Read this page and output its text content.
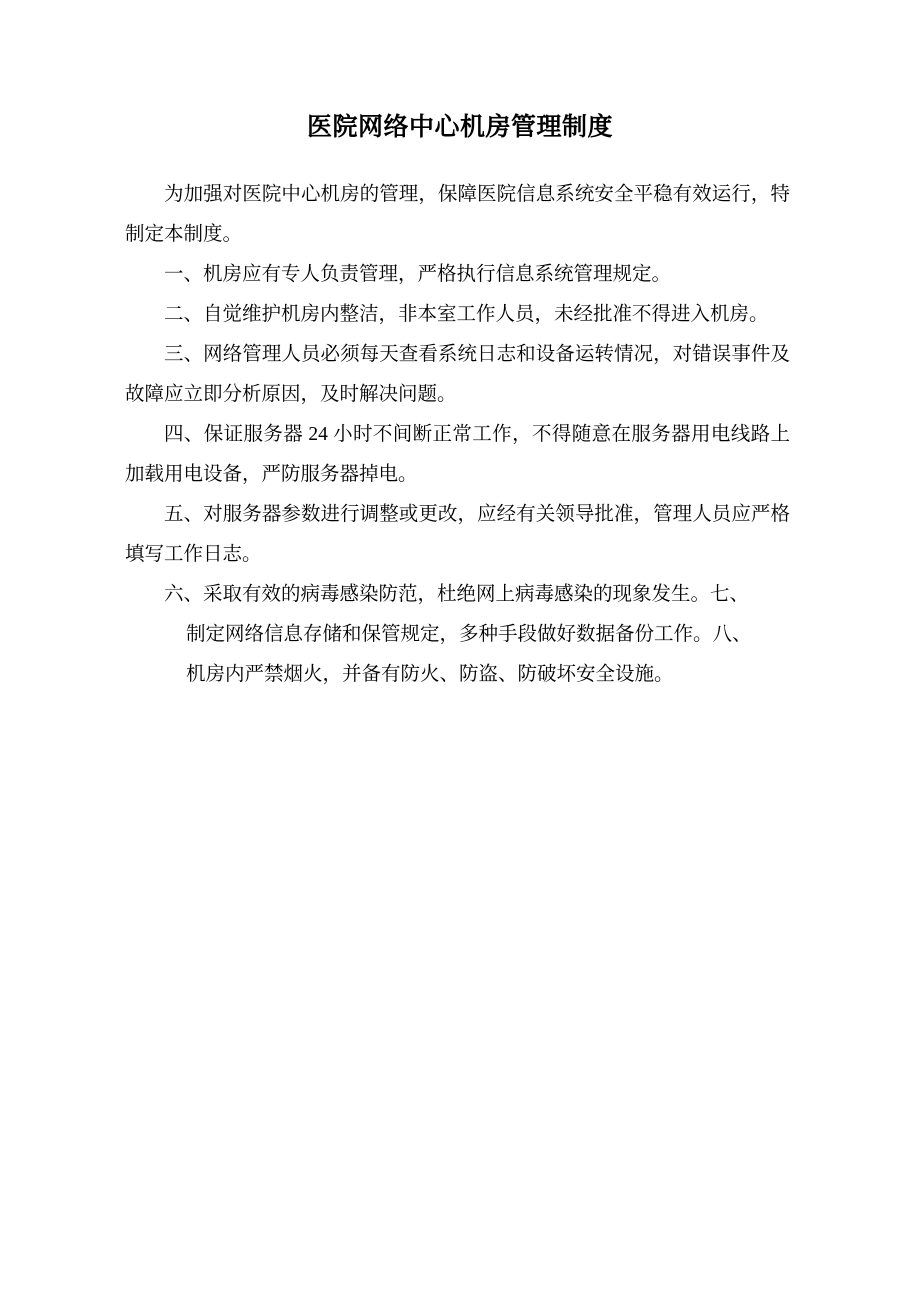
医院网络中心机房管理制度

为加强对医院中心机房的管理，保障医院信息系统安全平稳有效运行，特制定本制度。

一、机房应有专人负责管理，严格执行信息系统管理规定。

二、自觉维护机房内整洁，非本室工作人员，未经批准不得进入机房。

三、网络管理人员必须每天查看系统日志和设备运转情况，对错误事件及故障应立即分析原因，及时解决问题。

四、保证服务器 24 小时不间断正常工作，不得随意在服务器用电线路上加载用电设备，严防服务器掉电。

五、对服务器参数进行调整或更改，应经有关领导批准，管理人员应严格填写工作日志。

六、采取有效的病毒感染防范，杜绝网上病毒感染的现象发生。七、

制定网络信息存储和保管规定，多种手段做好数据备份工作。八、

机房内严禁烟火，并备有防火、防盗、防破坏安全设施。
